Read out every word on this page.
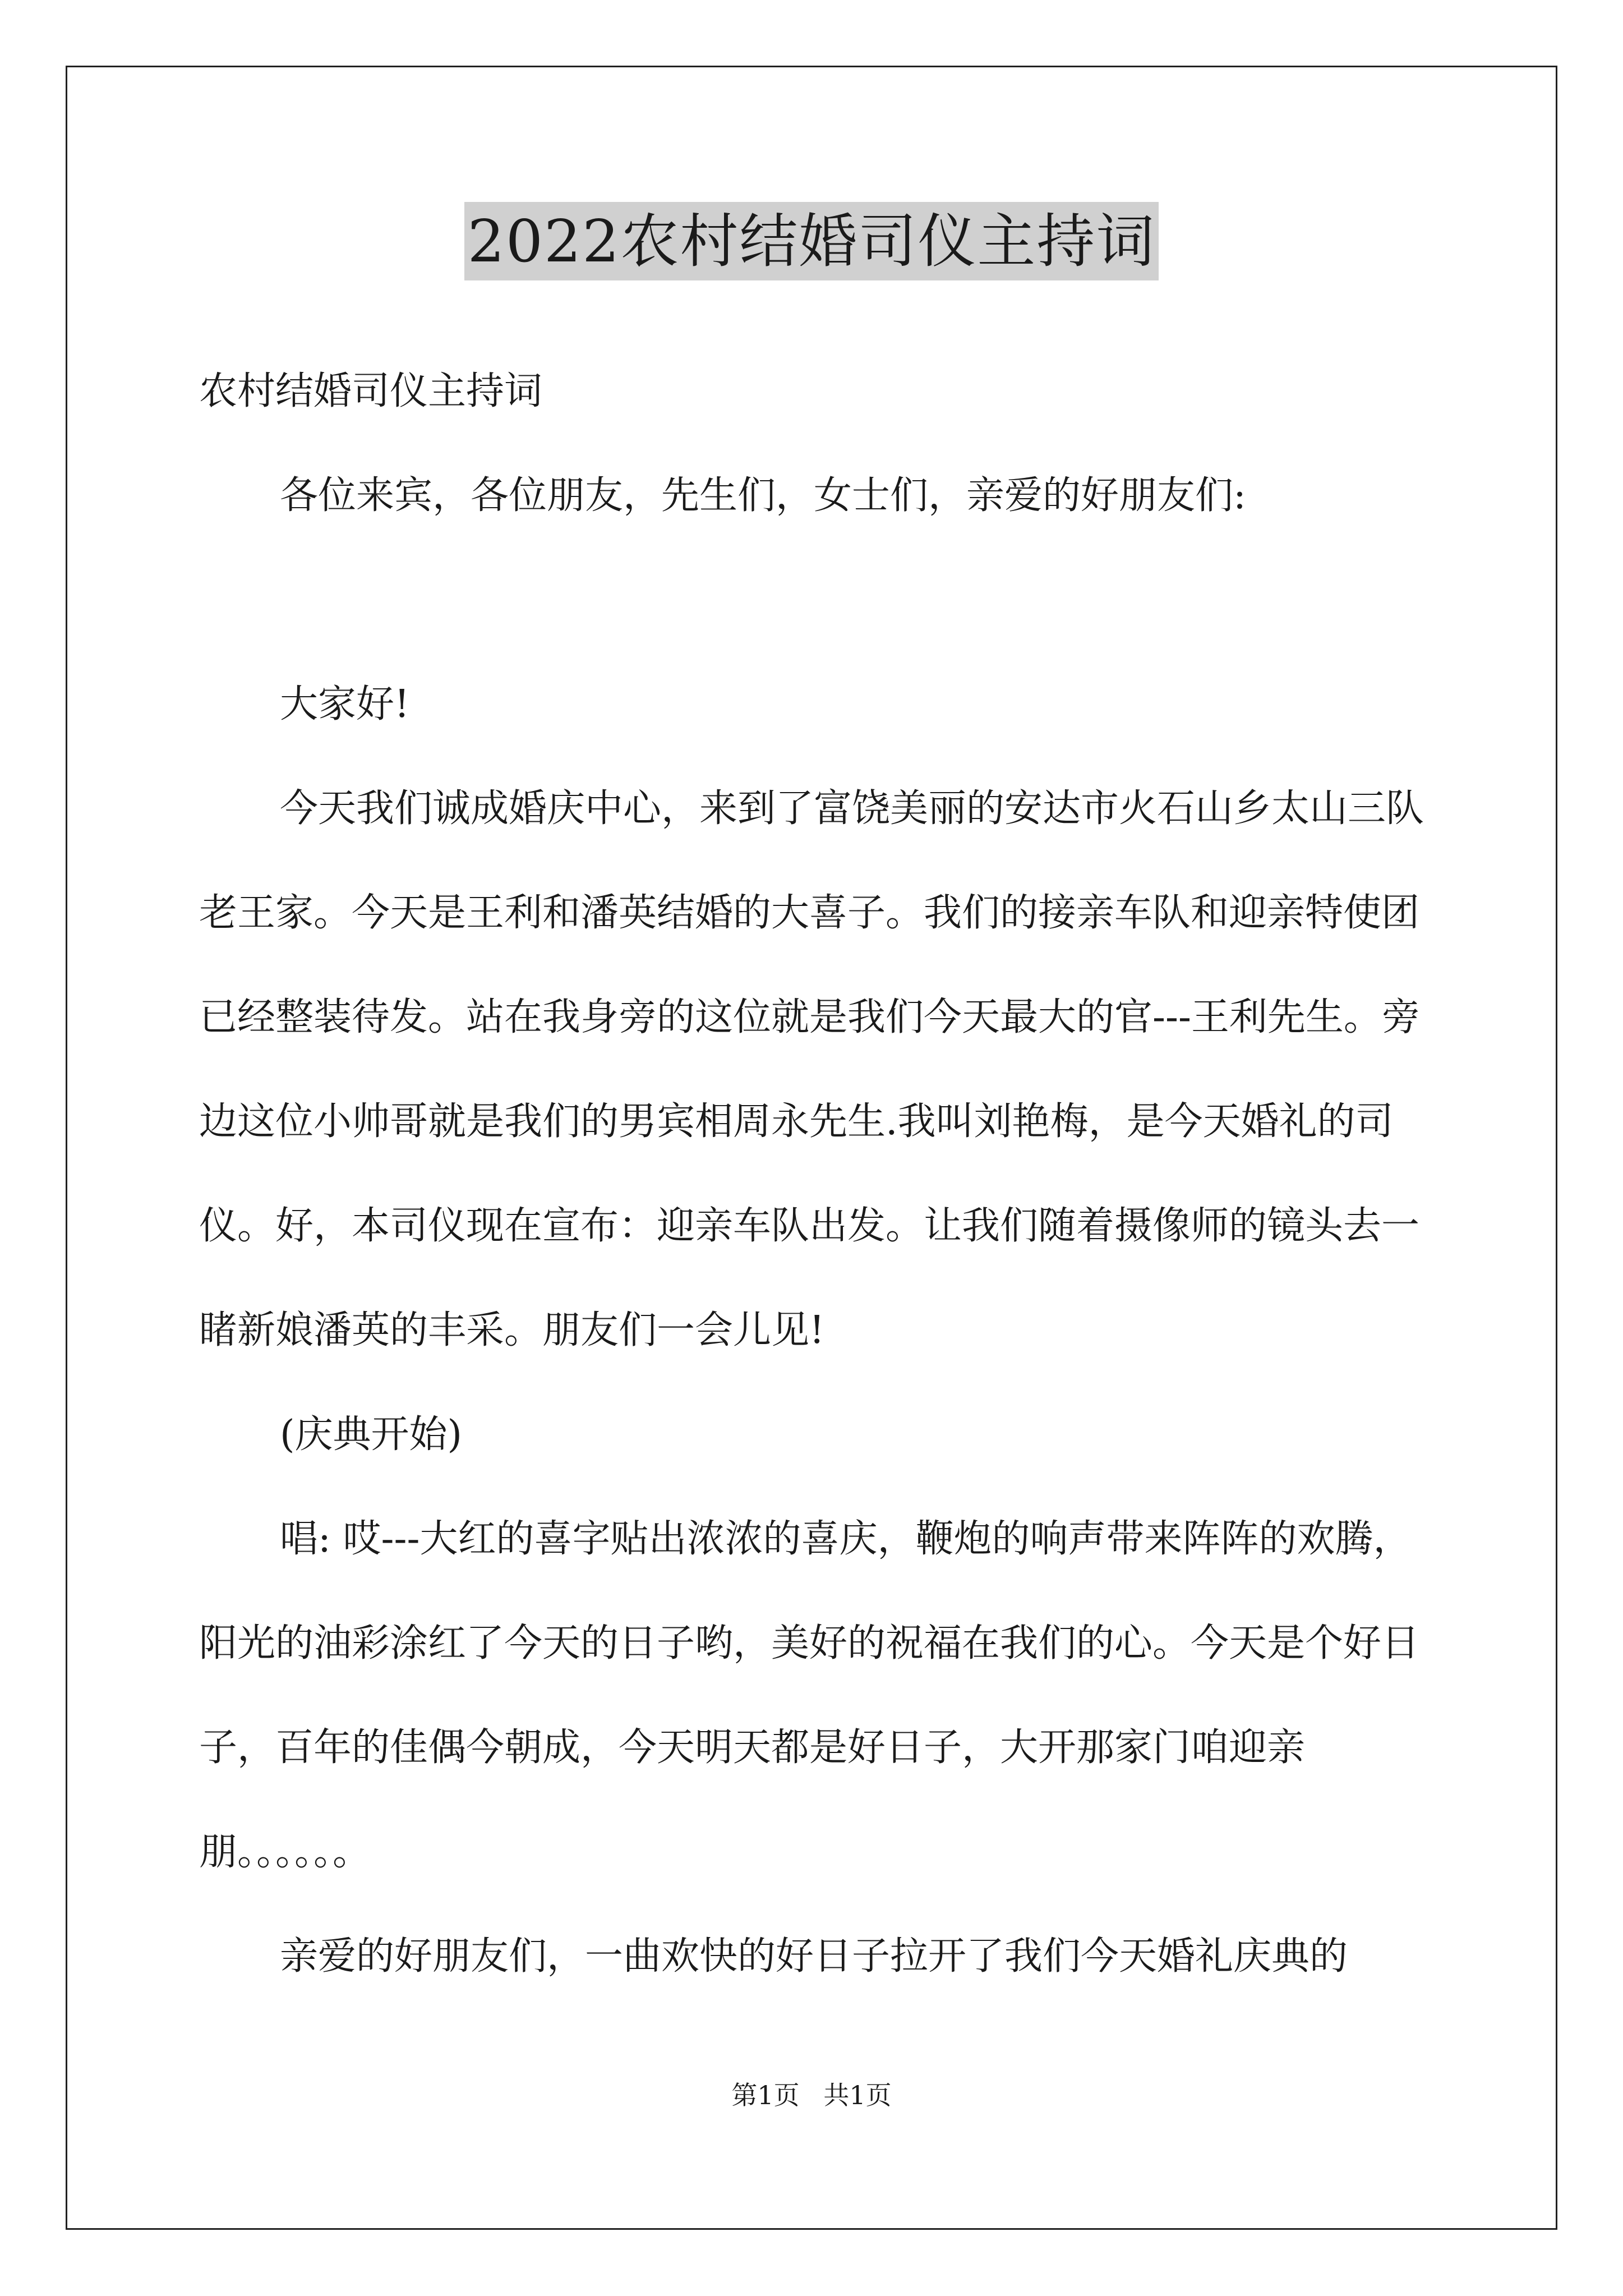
2022农村结婚司仪主持词

农村结婚司仪主持词

各位来宾，各位朋友，先生们，女士们，亲爱的好朋友们:

大家好!

今天我们诚成婚庆中心，来到了富饶美丽的安达市火石山乡太山三队老王家。今天是王利和潘英结婚的大喜子。我们的接亲车队和迎亲特使团已经整装待发。站在我身旁的这位就是我们今天最大的官---王利先生。旁边这位小帅哥就是我们的男宾相周永先生.我叫刘艳梅，是今天婚礼的司仪。好，本司仪现在宣布：迎亲车队出发。让我们随着摄像师的镜头去一睹新娘潘英的丰采。朋友们一会儿见!

(庆典开始)

唱: 哎---大红的喜字贴出浓浓的喜庆，鞭炮的响声带来阵阵的欢腾，阳光的油彩涂红了今天的日子哟，美好的祝福在我们的心。今天是个好日子，百年的佳偶今朝成，今天明天都是好日子，大开那家门咱迎亲朋。。。。。。

亲爱的好朋友们，一曲欢快的好日子拉开了我们今天婚礼庆典的

第1页 共1页
